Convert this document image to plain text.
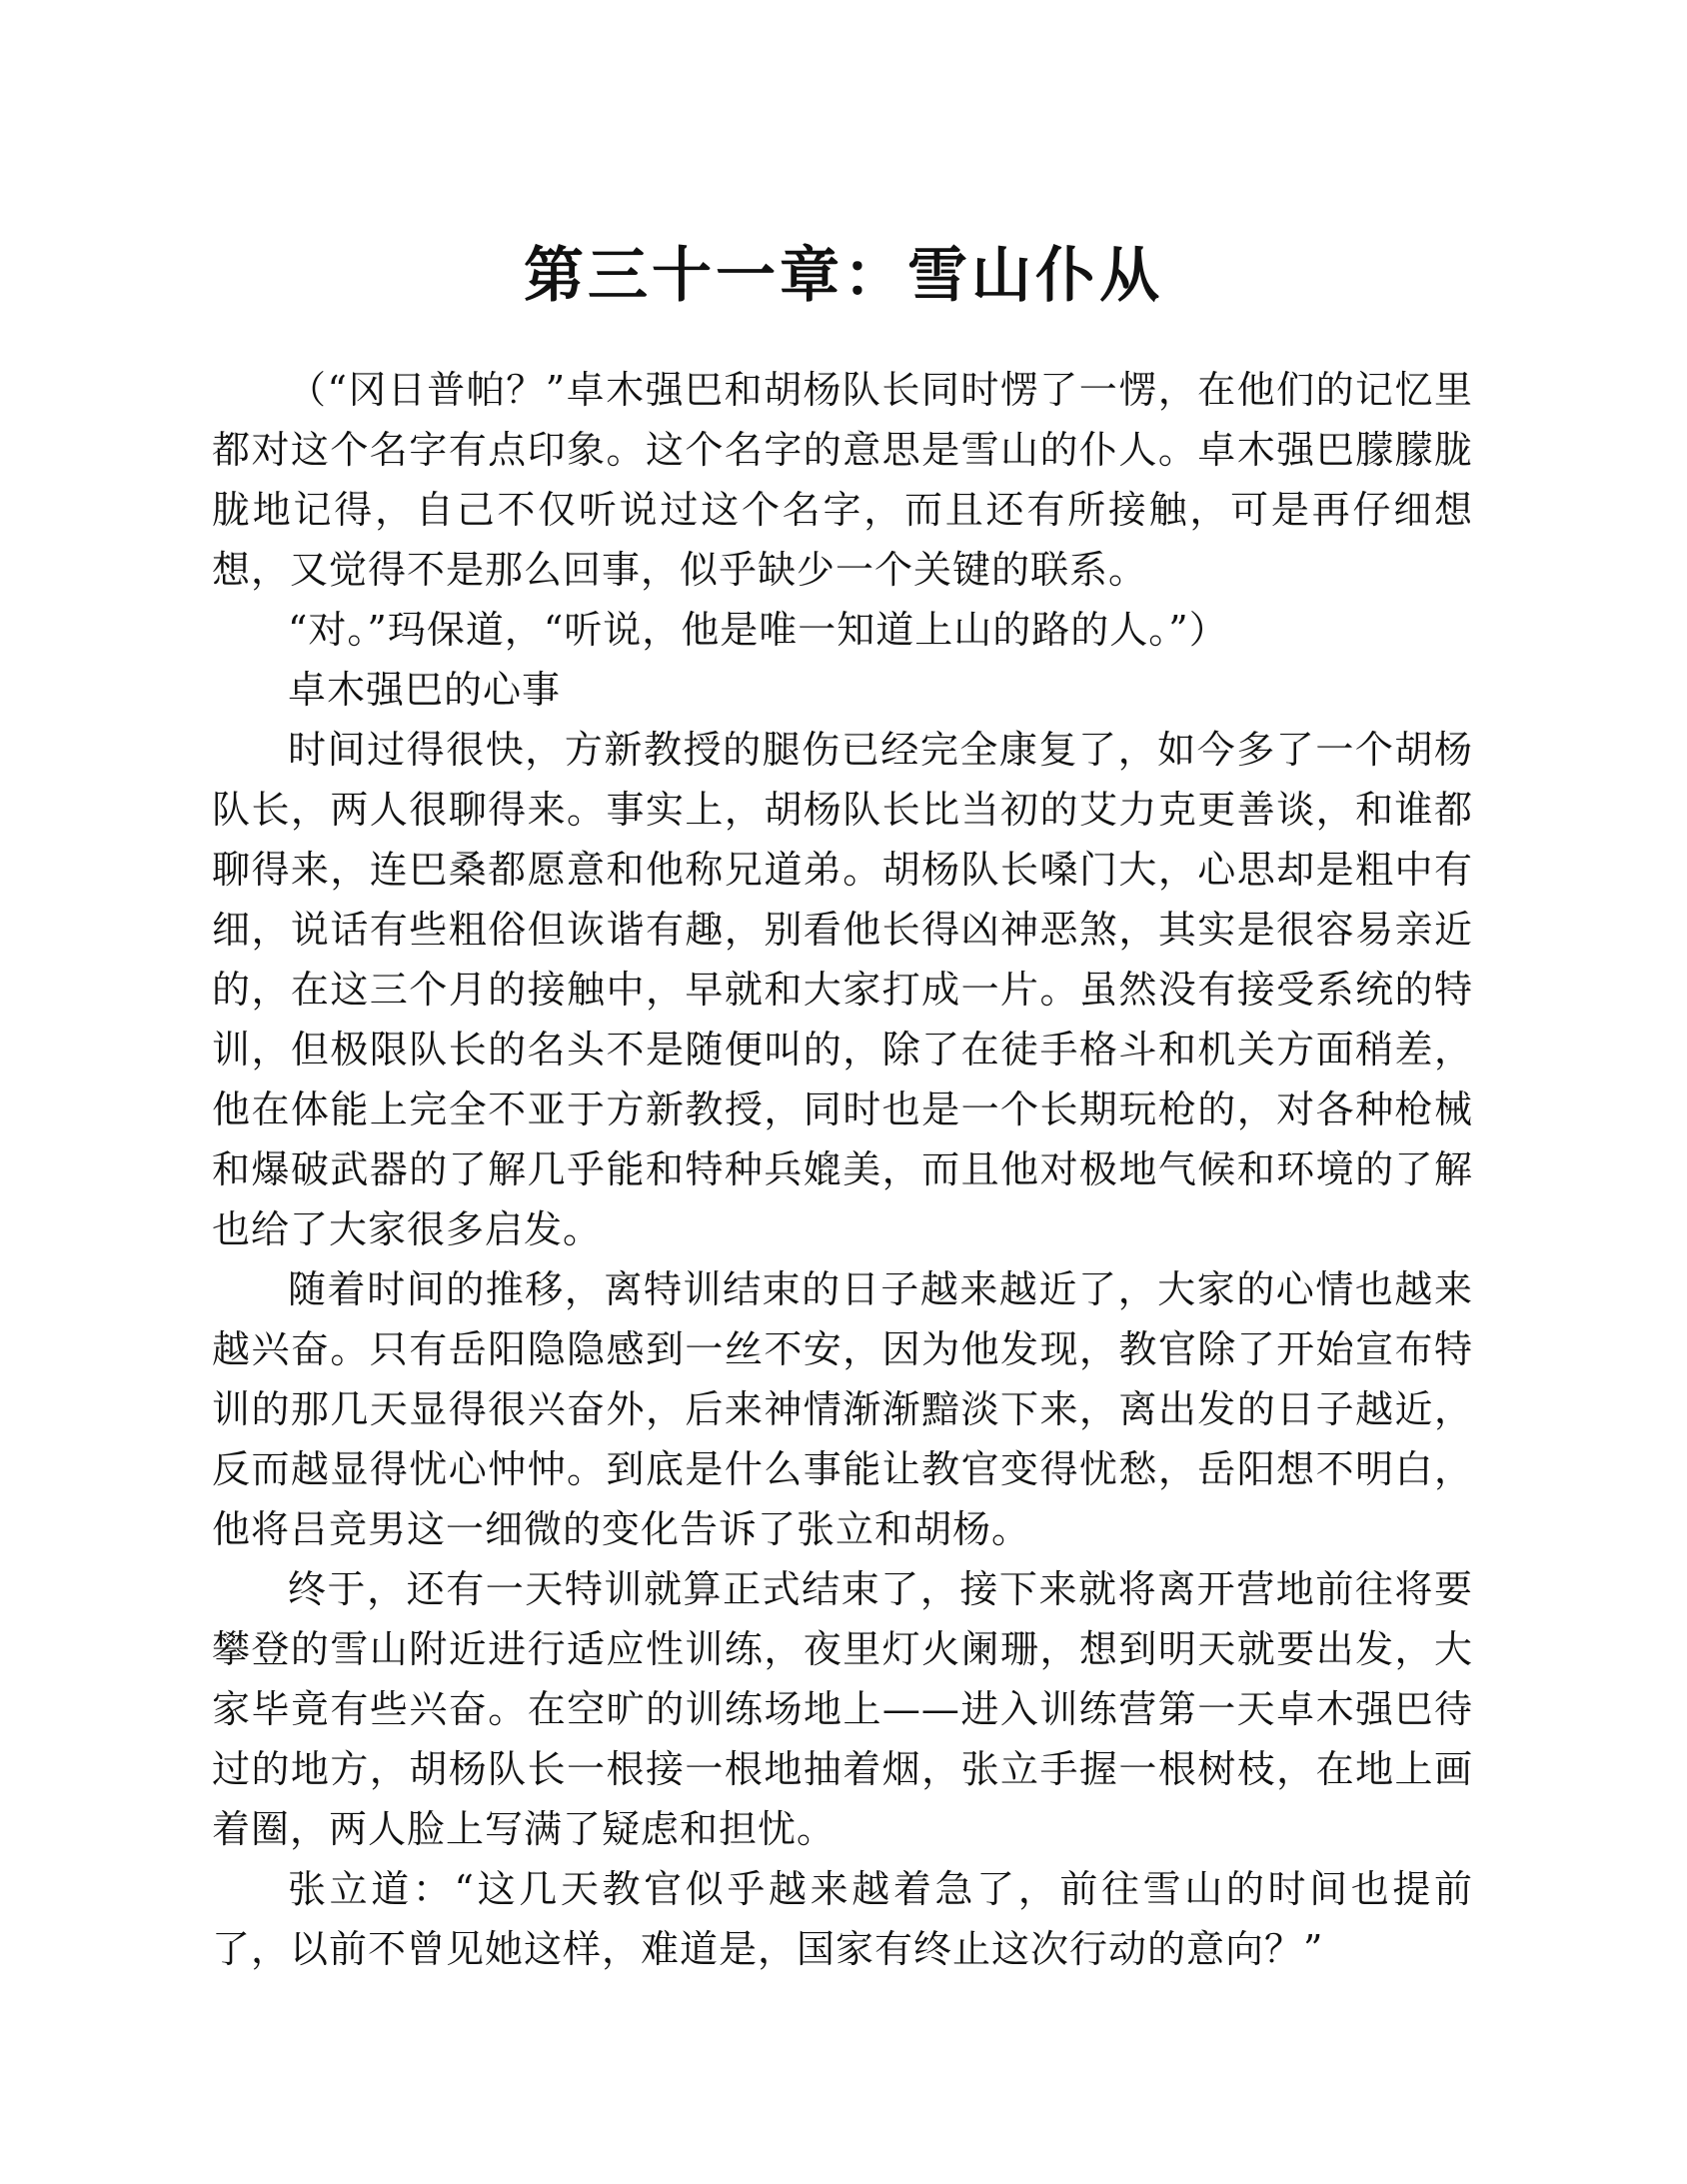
第三十一章：雪山仆从

（“冈日普帕？”卓木强巴和胡杨队长同时愣了一愣，在他们的记忆里都对这个名字有点印象。这个名字的意思是雪山的仆人。卓木强巴朦朦胧胧地记得，自己不仅听说过这个名字，而且还有所接触，可是再仔细想想，又觉得不是那么回事，似乎缺少一个关键的联系。

“对。”玛保道，“听说，他是唯一知道上山的路的人。”）

卓木强巴的心事

时间过得很快，方新教授的腿伤已经完全康复了，如今多了一个胡杨队长，两人很聊得来。事实上，胡杨队长比当初的艾力克更善谈，和谁都聊得来，连巴桑都愿意和他称兄道弟。胡杨队长嗓门大，心思却是粗中有细，说话有些粗俗但诙谐有趣，别看他长得凶神恶煞，其实是很容易亲近的，在这三个月的接触中，早就和大家打成一片。虽然没有接受系统的特训，但极限队长的名头不是随便叫的，除了在徒手格斗和机关方面稍差，他在体能上完全不亚于方新教授，同时也是一个长期玩枪的，对各种枪械和爆破武器的了解几乎能和特种兵媲美，而且他对极地气候和环境的了解也给了大家很多启发。

随着时间的推移，离特训结束的日子越来越近了，大家的心情也越来越兴奋。只有岳阳隐隐感到一丝不安，因为他发现，教官除了开始宣布特训的那几天显得很兴奋外，后来神情渐渐黯淡下来，离出发的日子越近，反而越显得忧心忡忡。到底是什么事能让教官变得忧愁，岳阳想不明白，他将吕竞男这一细微的变化告诉了张立和胡杨。

终于，还有一天特训就算正式结束了，接下来就将离开营地前往将要攀登的雪山附近进行适应性训练，夜里灯火阑珊，想到明天就要出发，大家毕竟有些兴奋。在空旷的训练场地上——进入训练营第一天卓木强巴待过的地方，胡杨队长一根接一根地抽着烟，张立手握一根树枝，在地上画着圈，两人脸上写满了疑虑和担忧。

张立道：“这几天教官似乎越来越着急了，前往雪山的时间也提前了，以前不曾见她这样，难道是，国家有终止这次行动的意向？”
